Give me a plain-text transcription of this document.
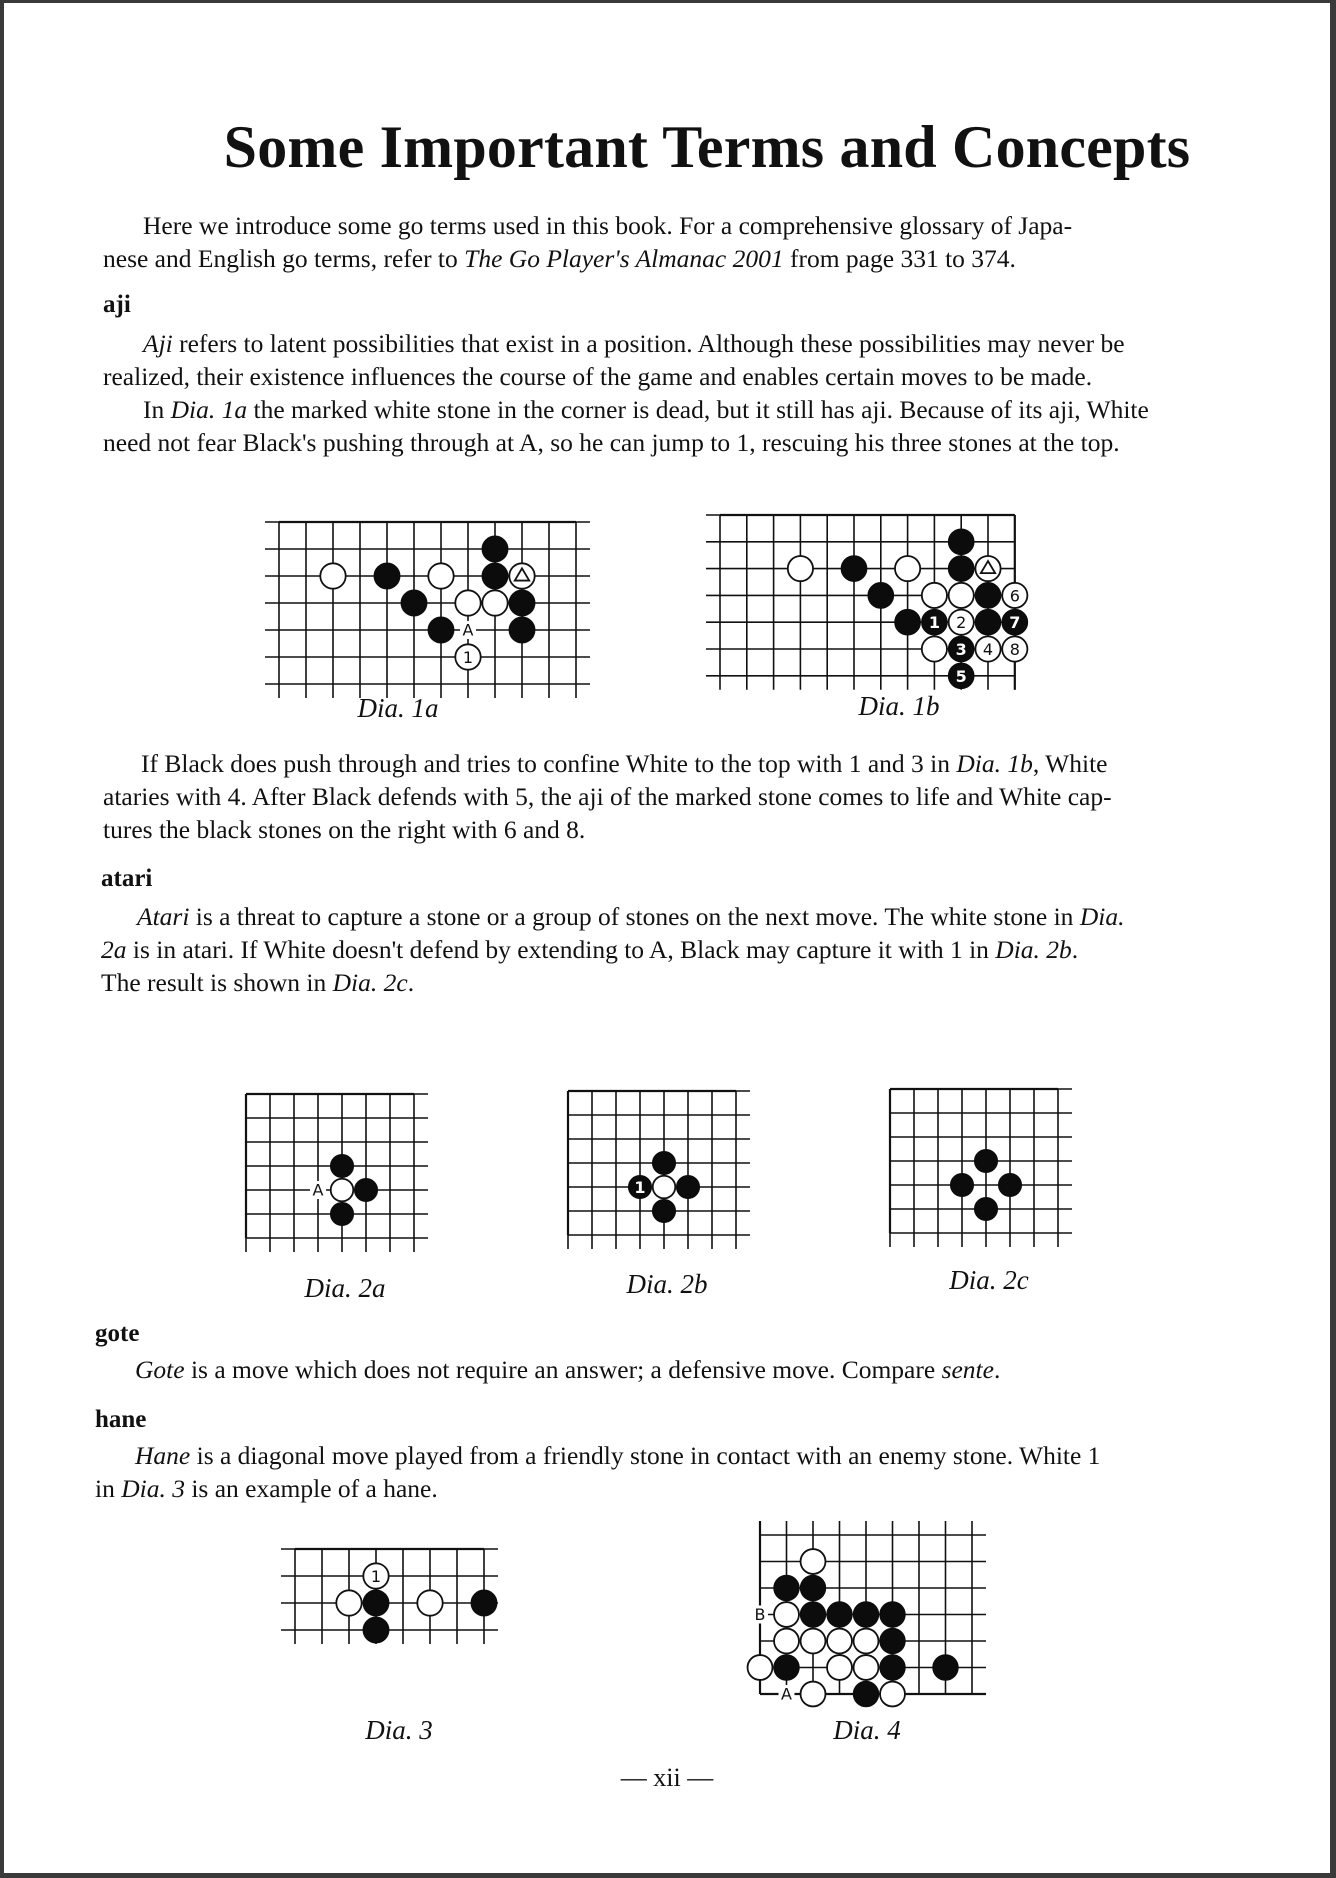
Some Important Terms and Concepts
Here we introduce some go terms used in this book. For a comprehensive glossary of Japa-
nese and English go terms, refer to The Go Player's Almanac 2001 from page 331 to 374.
aji
Aji refers to latent possibilities that exist in a position. Although these possibilities may never be
realized, their existence influences the course of the game and enables certain moves to be made.
In Dia. 1a the marked white stone in the corner is dead, but it still has aji. Because of its aji, White
need not fear Black's pushing through at A, so he can jump to 1, rescuing his three stones at the top.
A
1
Dia. 1a
6
1 2	7
3 4 8
5
Dia. 1b
If Black does push through and tries to confine White to the top with 1 and 3 in Dia. 1b, White
ataries with 4. After Black defends with 5, the aji of the marked stone comes to life and White cap-
tures the black stones on the right with 6 and 8.
atari
Atari is a threat to capture a stone or a group of stones on the next move. The white stone in Dia.
2a is in atari. If White doesn't defend by extending to A, Black may capture it with 1 in Dia. 2b.
The result is shown in Dia. 2c.
A
Dia. 2a
1
Dia. 2b	Dia. 2c
gote
Gote is a move which does not require an answer; a defensive move. Compare sente.
hane
Hane is a diagonal move played from a friendly stone in contact with an enemy stone. White 1
in Dia. 3 is an example of a hane.
1
Dia. 3
B
A
Dia. 4
— xii —
